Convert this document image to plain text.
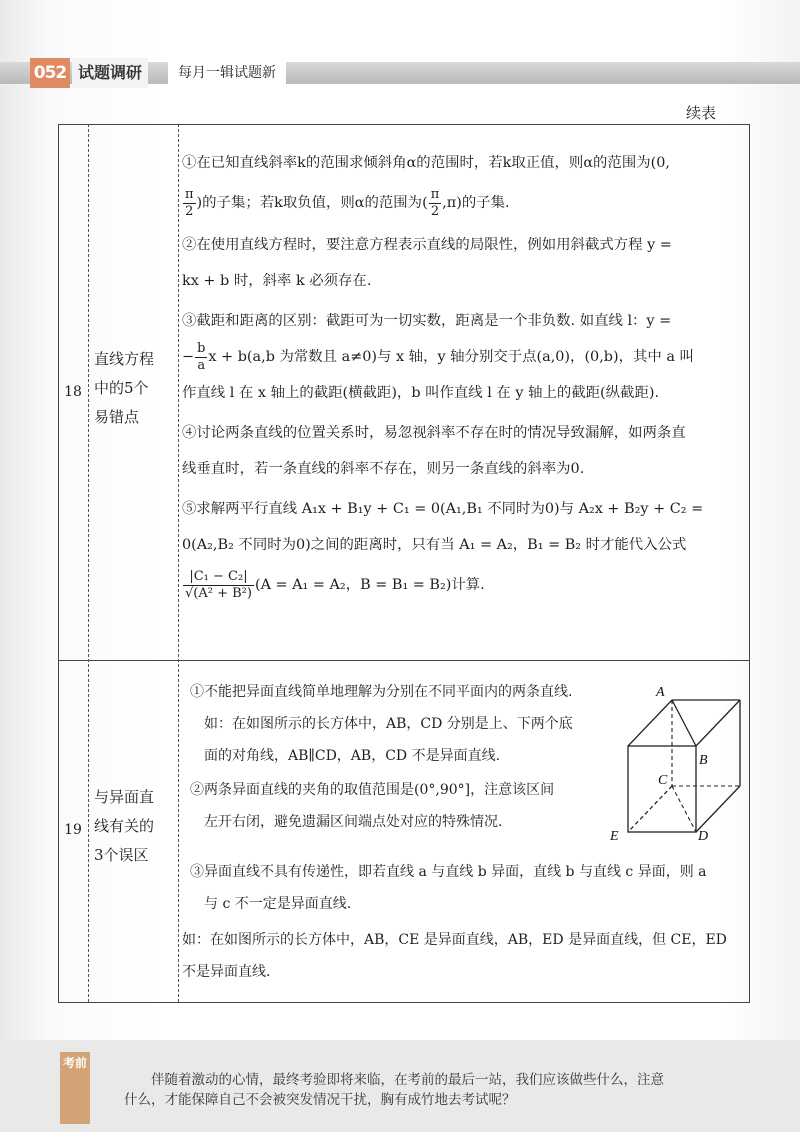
052 试题调研	每月一辑试题新
续表
18
直线方程
中的5个
易错点

①在已知直线斜率k的范围求倾斜角α的范围时，若k取正值，则α的范围为(0,

$\frac{\pi}{2}$ )的子集；若k取负值，则α的范围为( $\frac{\pi}{2} ,\pi$)的子集.

②在使用直线方程时，要注意方程表示直线的局限性，例如用斜截式方程 y =

kx + b 时，斜率 k 必须存在.

③截距和距离的区别：截距可为一切实数，距离是一个非负数. 如直线 l：y =

− $\frac{b}{a}$ x + b(a,b 为常数且 a≠0)与 x 轴，y 轴分别交于点(a,0)，(0,b)，其中 a 叫

作直线 l 在 x 轴上的截距(横截距)，b 叫作直线 l 在 y 轴上的截距(纵截距).

④讨论两条直线的位置关系时，易忽视斜率不存在时的情况导致漏解，如两条直

线垂直时，若一条直线的斜率不存在，则另一条直线的斜率为0.

⑤求解两平行直线 A₁x + B₁y + C₁ = 0(A₁,B₁ 不同时为0)与 A₂x + B₂y + C₂ =

0(A₂,B₂ 不同时为0)之间的距离时，只有当 A₁ = A₂，B₁ = B₂ 时才能代入公式

$\frac{\text{|C₁ − C₂|}}{\text{√(A² + B²)}} (A = A_1 = A_2$，B = B₁ = B₂)计算.

19
与异面直
线有关的
3个误区

①不能把异面直线简单地理解为分别在不同平面内的两条直线.

如：在如图所示的长方体中，AB，CD 分别是上、下两个底

面的对角线，AB∥CD，AB，CD 不是异面直线.

②两条异面直线的夹角的取值范围是(0°,90°]，注意该区间

左开右闭，避免遗漏区间端点处对应的特殊情况.

③异面直线不具有传递性，即若直线 a 与直线 b 异面，直线 b 与直线 c 异面，则 a

与 c 不一定是异面直线.

如：在如图所示的长方体中，AB，CE 是异面直线，AB，ED 是异面直线，但 CE，ED

不是异面直线.

A
B
C
D
E
考前

伴随着激动的心情，最终考验即将来临，在考前的最后一站，我们应该做些什么，注意

什么，才能保障自己不会被突发情况干扰，胸有成竹地去考试呢？
